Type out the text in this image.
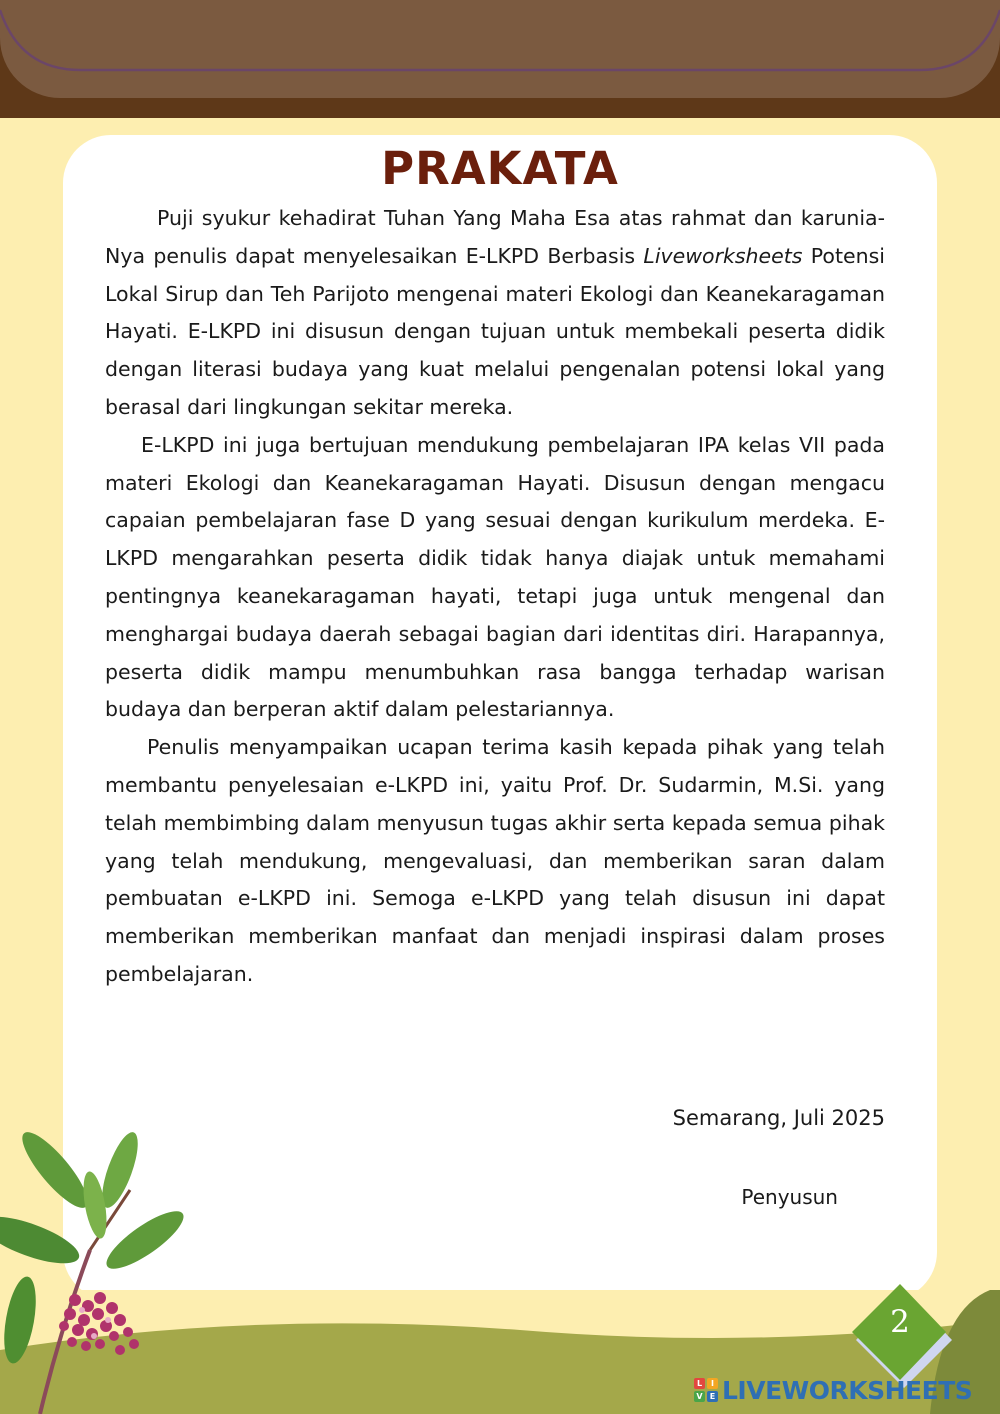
PRAKATA

Puji syukur kehadirat Tuhan Yang Maha Esa atas rahmat dan karunia-Nya penulis dapat menyelesaikan E-LKPD Berbasis Liveworksheets Potensi Lokal Sirup dan Teh Parijoto mengenai materi Ekologi dan Keanekaragaman Hayati. E-LKPD ini disusun dengan tujuan untuk membekali peserta didik dengan literasi budaya yang kuat melalui pengenalan potensi lokal yang berasal dari lingkungan sekitar mereka.

E-LKPD ini juga bertujuan mendukung pembelajaran IPA kelas VII pada materi Ekologi dan Keanekaragaman Hayati. Disusun dengan mengacu capaian pembelajaran fase D yang sesuai dengan kurikulum merdeka. E-LKPD mengarahkan peserta didik tidak hanya diajak untuk memahami pentingnya keanekaragaman hayati, tetapi juga untuk mengenal dan menghargai budaya daerah sebagai bagian dari identitas diri. Harapannya, peserta didik mampu menumbuhkan rasa bangga terhadap warisan budaya dan berperan aktif dalam pelestariannya.

Penulis menyampaikan ucapan terima kasih kepada pihak yang telah membantu penyelesaian e-LKPD ini, yaitu Prof. Dr. Sudarmin, M.Si. yang telah membimbing dalam menyusun tugas akhir serta kepada semua pihak yang telah mendukung, mengevaluasi, dan memberikan saran dalam pembuatan e-LKPD ini. Semoga e-LKPD yang telah disusun ini dapat memberikan memberikan manfaat dan menjadi inspirasi dalam proses pembelajaran.

Semarang, Juli 2025
Penyusun
2
L	I
V E LIVEWORKSHEETS
